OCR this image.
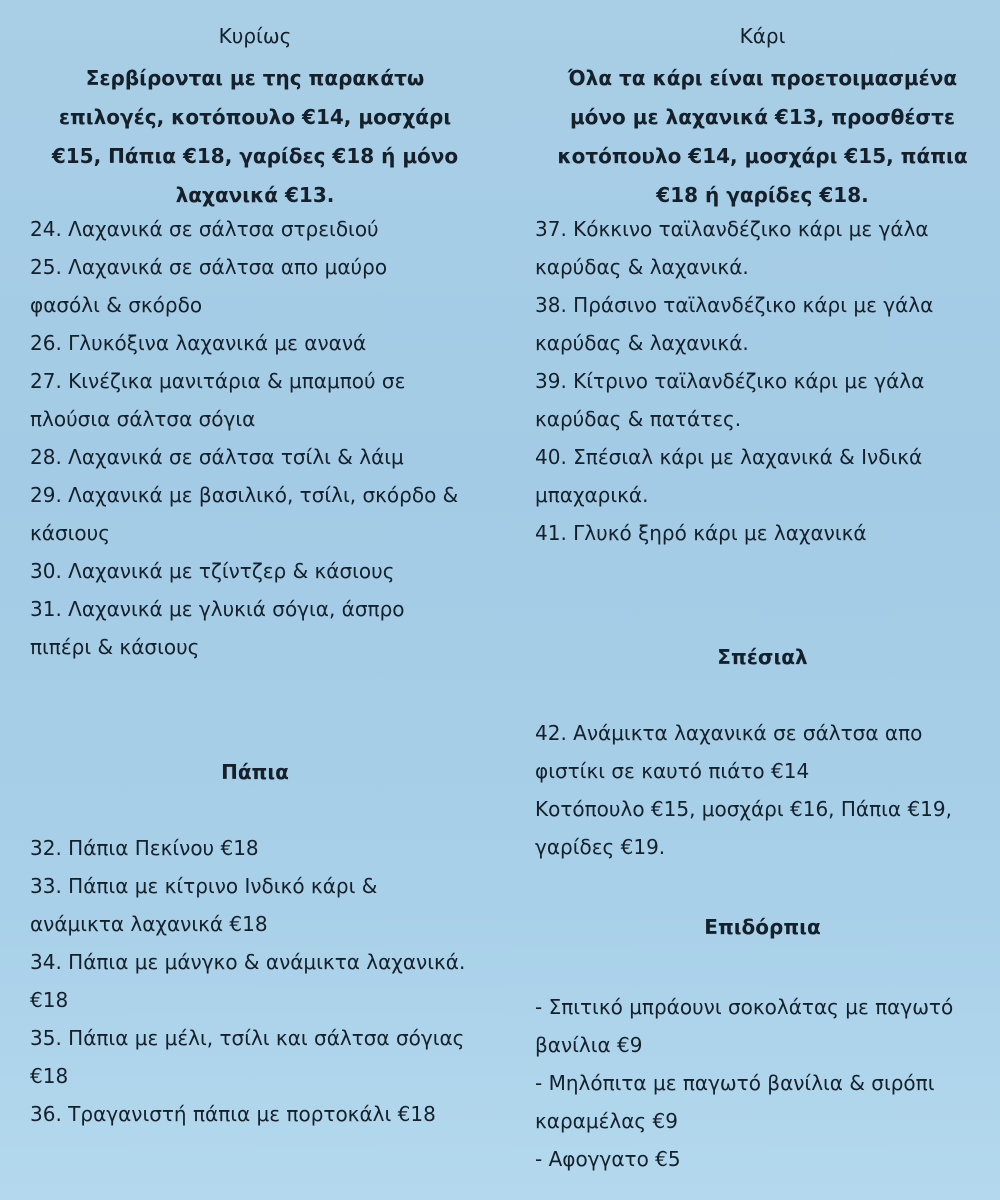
Κυρίως
Σερβίρονται με της παρακάτω
επιλογές, κοτόπουλο €14, μοσχάρι
€15, Πάπια €18, γαρίδες €18 ή μόνο
λαχανικά €13.
24. Λαχανικά σε σάλτσα στρειδιού
25. Λαχανικά σε σάλτσα απο μαύρο
φασόλι & σκόρδο
26. Γλυκόξινα λαχανικά με ανανά
27. Κινέζικα μανιτάρια & μπαμπού σε
πλούσια σάλτσα σόγια
28. Λαχανικά σε σάλτσα τσίλι & λάιμ
29. Λαχανικά με βασιλικό, τσίλι, σκόρδο &
κάσιους
30. Λαχανικά με τζίντζερ & κάσιους
31. Λαχανικά με γλυκιά σόγια, άσπρο
πιπέρι & κάσιους
Πάπια
32. Πάπια Πεκίνου €18
33. Πάπια με κίτρινο Ινδικό κάρι &
ανάμικτα λαχανικά €18
34. Πάπια με μάνγκο & ανάμικτα λαχανικά.
€18
35. Πάπια με μέλι, τσίλι και σάλτσα σόγιας
€18
36. Τραγανιστή πάπια με πορτοκάλι €18
Κάρι
Όλα τα κάρι είναι προετοιμασμένα
μόνο με λαχανικά €13, προσθέστε
κοτόπουλο €14, μοσχάρι €15, πάπια
€18 ή γαρίδες €18.
37. Κόκκινο ταϊλανδέζικο κάρι με γάλα
καρύδας & λαχανικά.
38. Πράσινο ταϊλανδέζικο κάρι με γάλα
καρύδας & λαχανικά.
39. Κίτρινο ταϊλανδέζικο κάρι με γάλα
καρύδας & πατάτες.
40. Σπέσιαλ κάρι με λαχανικά & Ινδικά
μπαχαρικά.
41. Γλυκό ξηρό κάρι με λαχανικά
Σπέσιαλ
42. Ανάμικτα λαχανικά σε σάλτσα απο
φιστίκι σε καυτό πιάτο €14
Κοτόπουλο €15, μοσχάρι €16, Πάπια €19,
γαρίδες €19.
Επιδόρπια
- Σπιτικό μπράουνι σοκολάτας με παγωτό
βανίλια €9
- Μηλόπιτα με παγωτό βανίλια & σιρόπι
καραμέλας €9
- Αφογγατο €5
